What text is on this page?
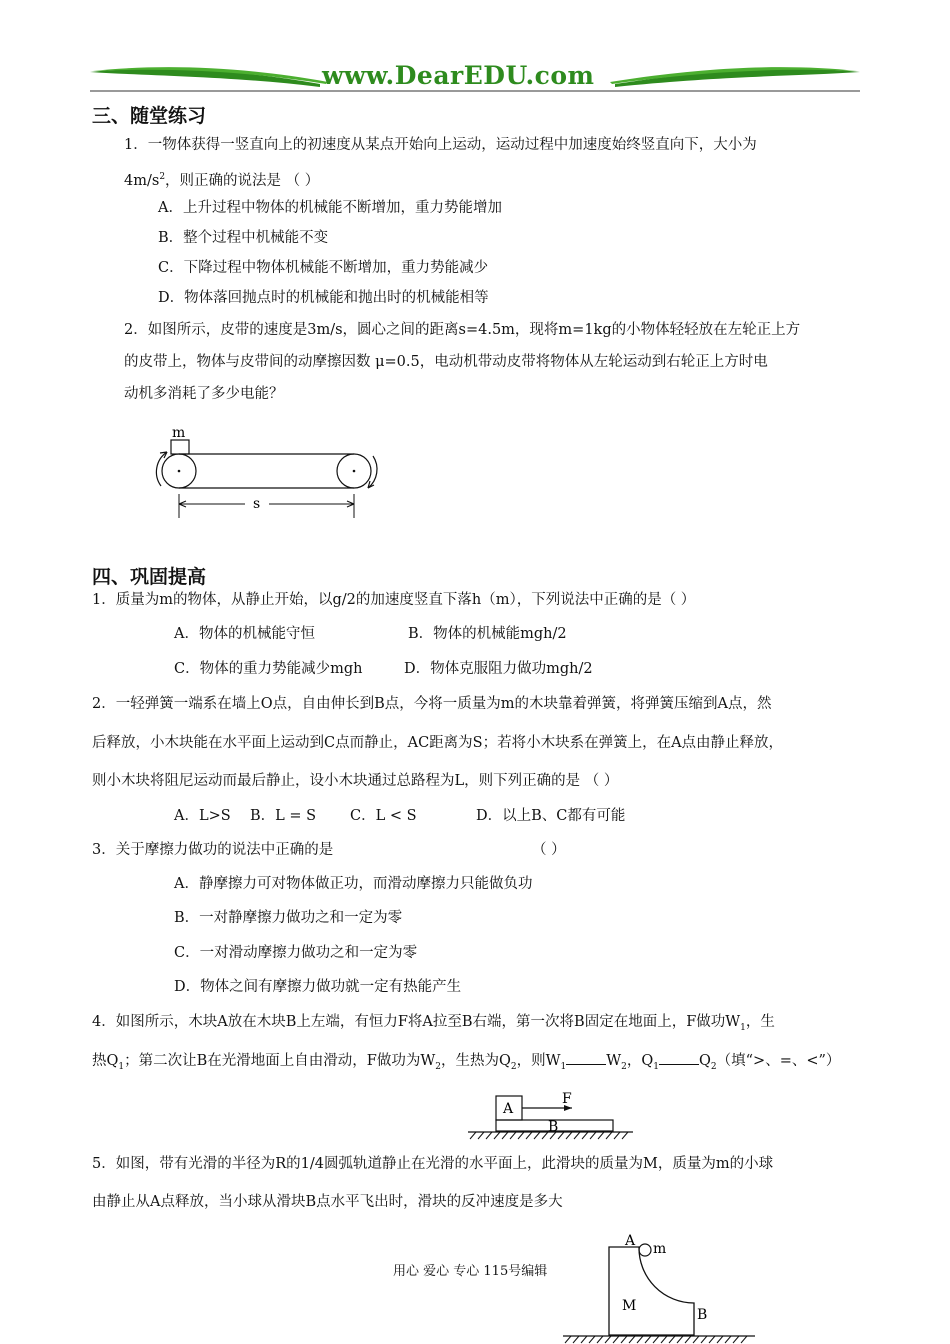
www.DearEDU.com
三、随堂练习
1．一物体获得一竖直向上的初速度从某点开始向上运动，运动过程中加速度始终竖直向下，大小为
$4m/s^2$，则正确的说法是 （ ）
A．上升过程中物体的机械能不断增加，重力势能增加
B．整个过程中机械能不变
C．下降过程中物体机械能不断增加，重力势能减少
D．物体落回抛点时的机械能和抛出时的机械能相等
2．如图所示，皮带的速度是3m/s，圆心之间的距离s=4.5m，现将m=1kg的小物体轻轻放在左轮正上方
的皮带上，物体与皮带间的动摩擦因数 μ=0.5，电动机带动皮带将物体从左轮运动到右轮正上方时电
动机多消耗了多少电能？
m
s
四、巩固提高
1．质量为m的物体，从静止开始，以g/2的加速度竖直下落h（m），下列说法中正确的是（ ）
A．物体的机械能守恒	B．物体的机械能mgh/2
C．物体的重力势能减少mgh	D．物体克服阻力做功mgh/2
2．一轻弹簧一端系在墙上O点，自由伸长到B点，今将一质量为m的木块靠着弹簧，将弹簧压缩到A点，然
后释放，小木块能在水平面上运动到C点而静止，AC距离为S；若将小木块系在弹簧上，在A点由静止释放，
则小木块将阻尼运动而最后静止，设小木块通过总路程为L，则下列正确的是 （ ）
A．L>S B．L = S C．L < S	D．以上B、C都有可能
3．关于摩擦力做功的说法中正确的是	（ ）
A．静摩擦力可对物体做正功，而滑动摩擦力只能做负功
B．一对静摩擦力做功之和一定为零
C．一对滑动摩擦力做功之和一定为零
D．物体之间有摩擦力做功就一定有热能产生
4．如图所示，木块A放在木块B上左端，有恒力F将A拉至B右端，第一次将B固定在地面上，F做功$W_1$，生
热$Q_1$；第二次让B在光滑地面上自由滑动，F做功为$W_2$，生热为$Q_2$，则$W_1$	$W_2$，$Q_1$	$Q_2$（填“>、=、<”）
A
B
F
5．如图，带有光滑的半径为R的1/4圆弧轨道静止在光滑的水平面上，此滑块的质量为M，质量为m的小球
由静止从A点释放，当小球从滑块B点水平飞出时，滑块的反冲速度是多大
A m
M
B
用心 爱心 专心 115号编辑
